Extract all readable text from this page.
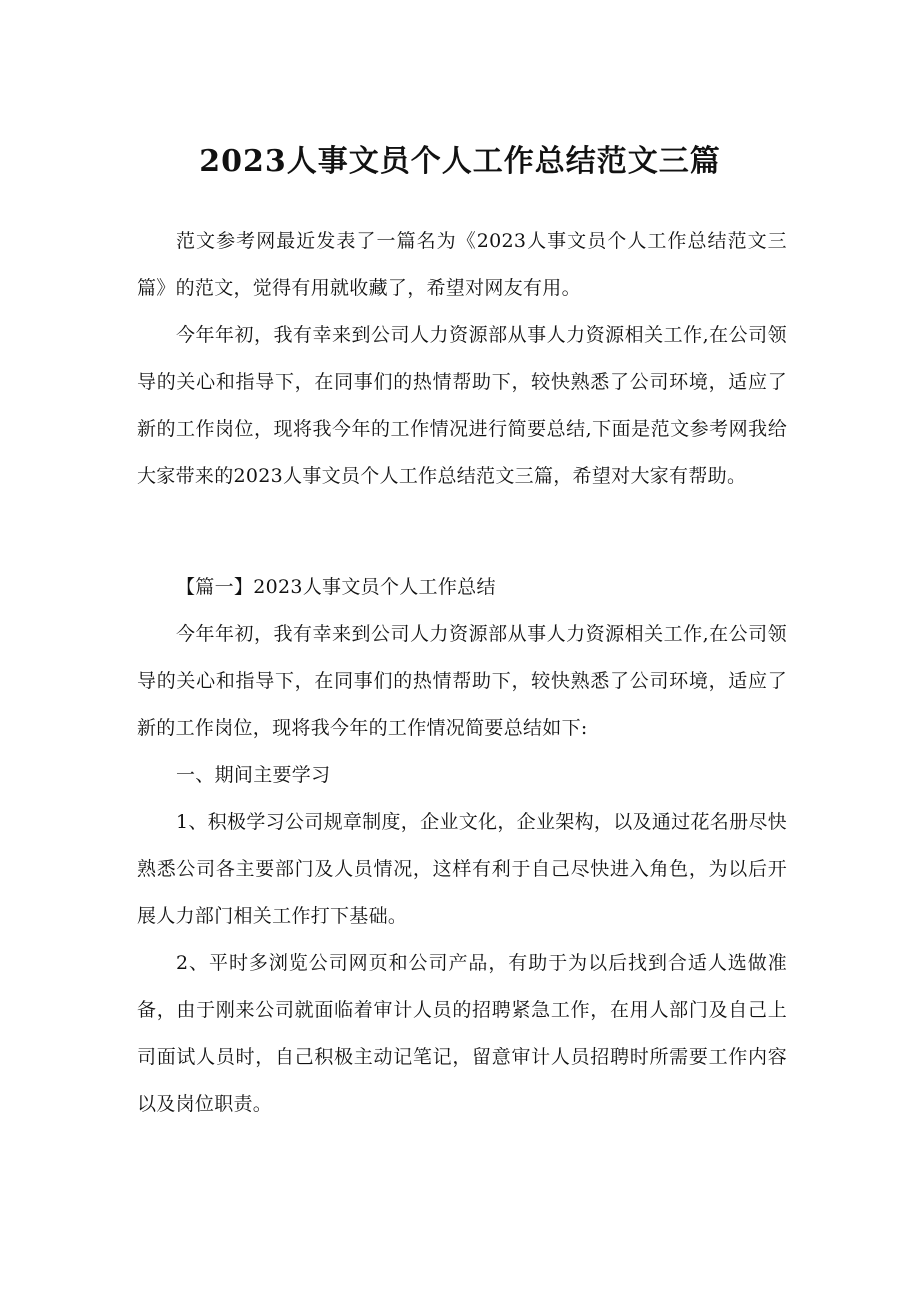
2023人事文员个人工作总结范文三篇

范文参考网最近发表了一篇名为《2023人事文员个人工作总结范文三篇》的范文，觉得有用就收藏了，希望对网友有用。

今年年初，我有幸来到公司人力资源部从事人力资源相关工作,在公司领导的关心和指导下，在同事们的热情帮助下，较快熟悉了公司环境，适应了新的工作岗位，现将我今年的工作情况进行简要总结,下面是范文参考网我给大家带来的2023人事文员个人工作总结范文三篇，希望对大家有帮助。

【篇一】2023人事文员个人工作总结

今年年初，我有幸来到公司人力资源部从事人力资源相关工作,在公司领导的关心和指导下，在同事们的热情帮助下，较快熟悉了公司环境，适应了新的工作岗位，现将我今年的工作情况简要总结如下:

一、期间主要学习

1、积极学习公司规章制度，企业文化，企业架构，以及通过花名册尽快熟悉公司各主要部门及人员情况，这样有利于自己尽快进入角色，为以后开展人力部门相关工作打下基础。

2、平时多浏览公司网页和公司产品，有助于为以后找到合适人选做准备，由于刚来公司就面临着审计人员的招聘紧急工作，在用人部门及自己上司面试人员时，自己积极主动记笔记，留意审计人员招聘时所需要工作内容以及岗位职责。
